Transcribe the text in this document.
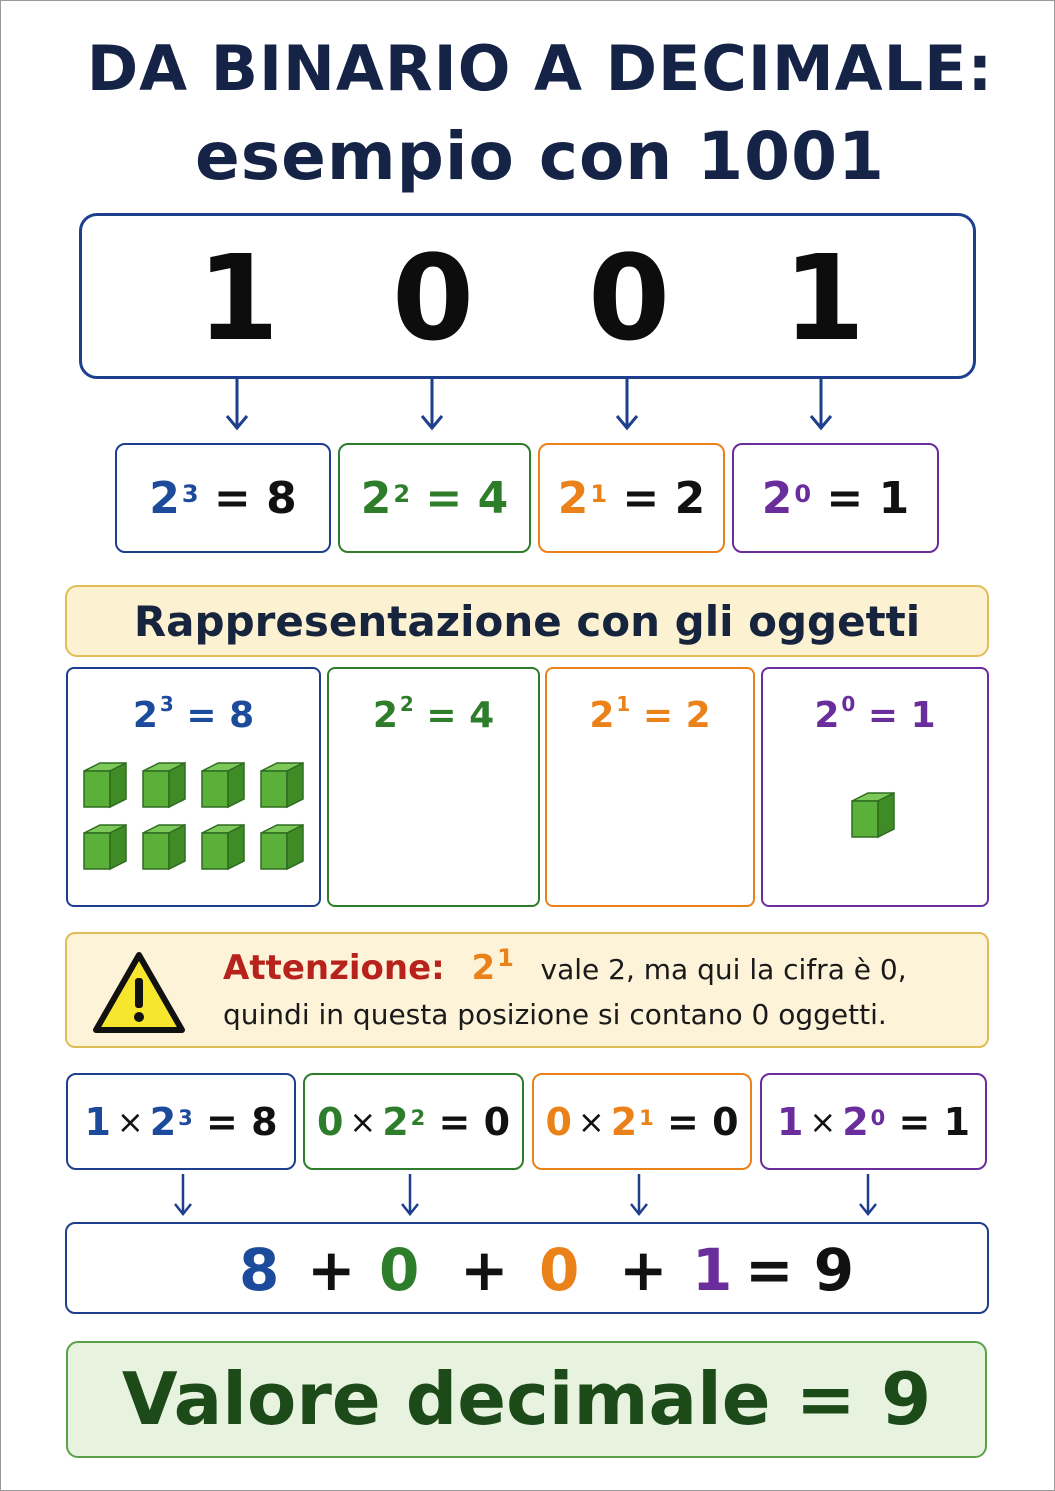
DA BINARIO A DECIMALE:
esempio con 1001
1 0 0 1
2 3
= 8 2 2
= 4 2 1
= 2 2 0
= 1
Rappresentazione con gli oggetti
2 $^3$ = 8	2 $^2$ = 4	2 $^1$ = 2	2 $^0$ = 1
Attenzione: 21 vale 2, ma qui la cifra è 0,
quindi in questa posizione si contano 0 oggetti.
1 × 2 3
= 8 0 × 2 2
= 0 0 × 2 1
= 0 1 × 2 0
= 1
8 + 0 + 0 + 1 = 9
Valore decimale = 9
